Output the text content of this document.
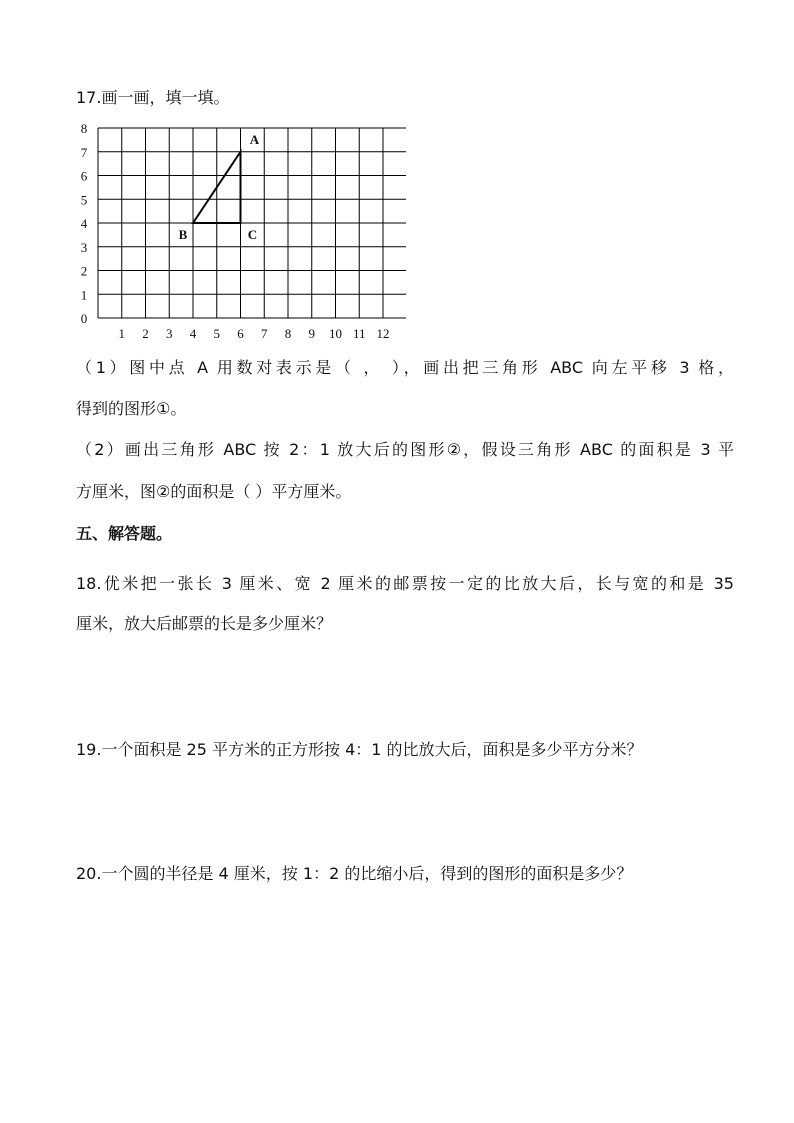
17.画一画，填一填。
8
7
6
5
4
3
2
1
0
1 2 3 4 5 6 7 8 9 10 11 12
A
B	C
（1）图中点 A 用数对表示是（ ， ），画出把三角形 ABC 向左平移 3 格，
得到的图形①。
（2）画出三角形 ABC 按 2：1 放大后的图形②，假设三角形 ABC 的面积是 3 平
方厘米，图②的面积是（ ）平方厘米。
五、解答题。
18.优米把一张长 3 厘米、宽 2 厘米的邮票按一定的比放大后，长与宽的和是 35
厘米，放大后邮票的长是多少厘米？
19.一个面积是 25 平方米的正方形按 4：1 的比放大后，面积是多少平方分米？
20.一个圆的半径是 4 厘米，按 1：2 的比缩小后，得到的图形的面积是多少？
